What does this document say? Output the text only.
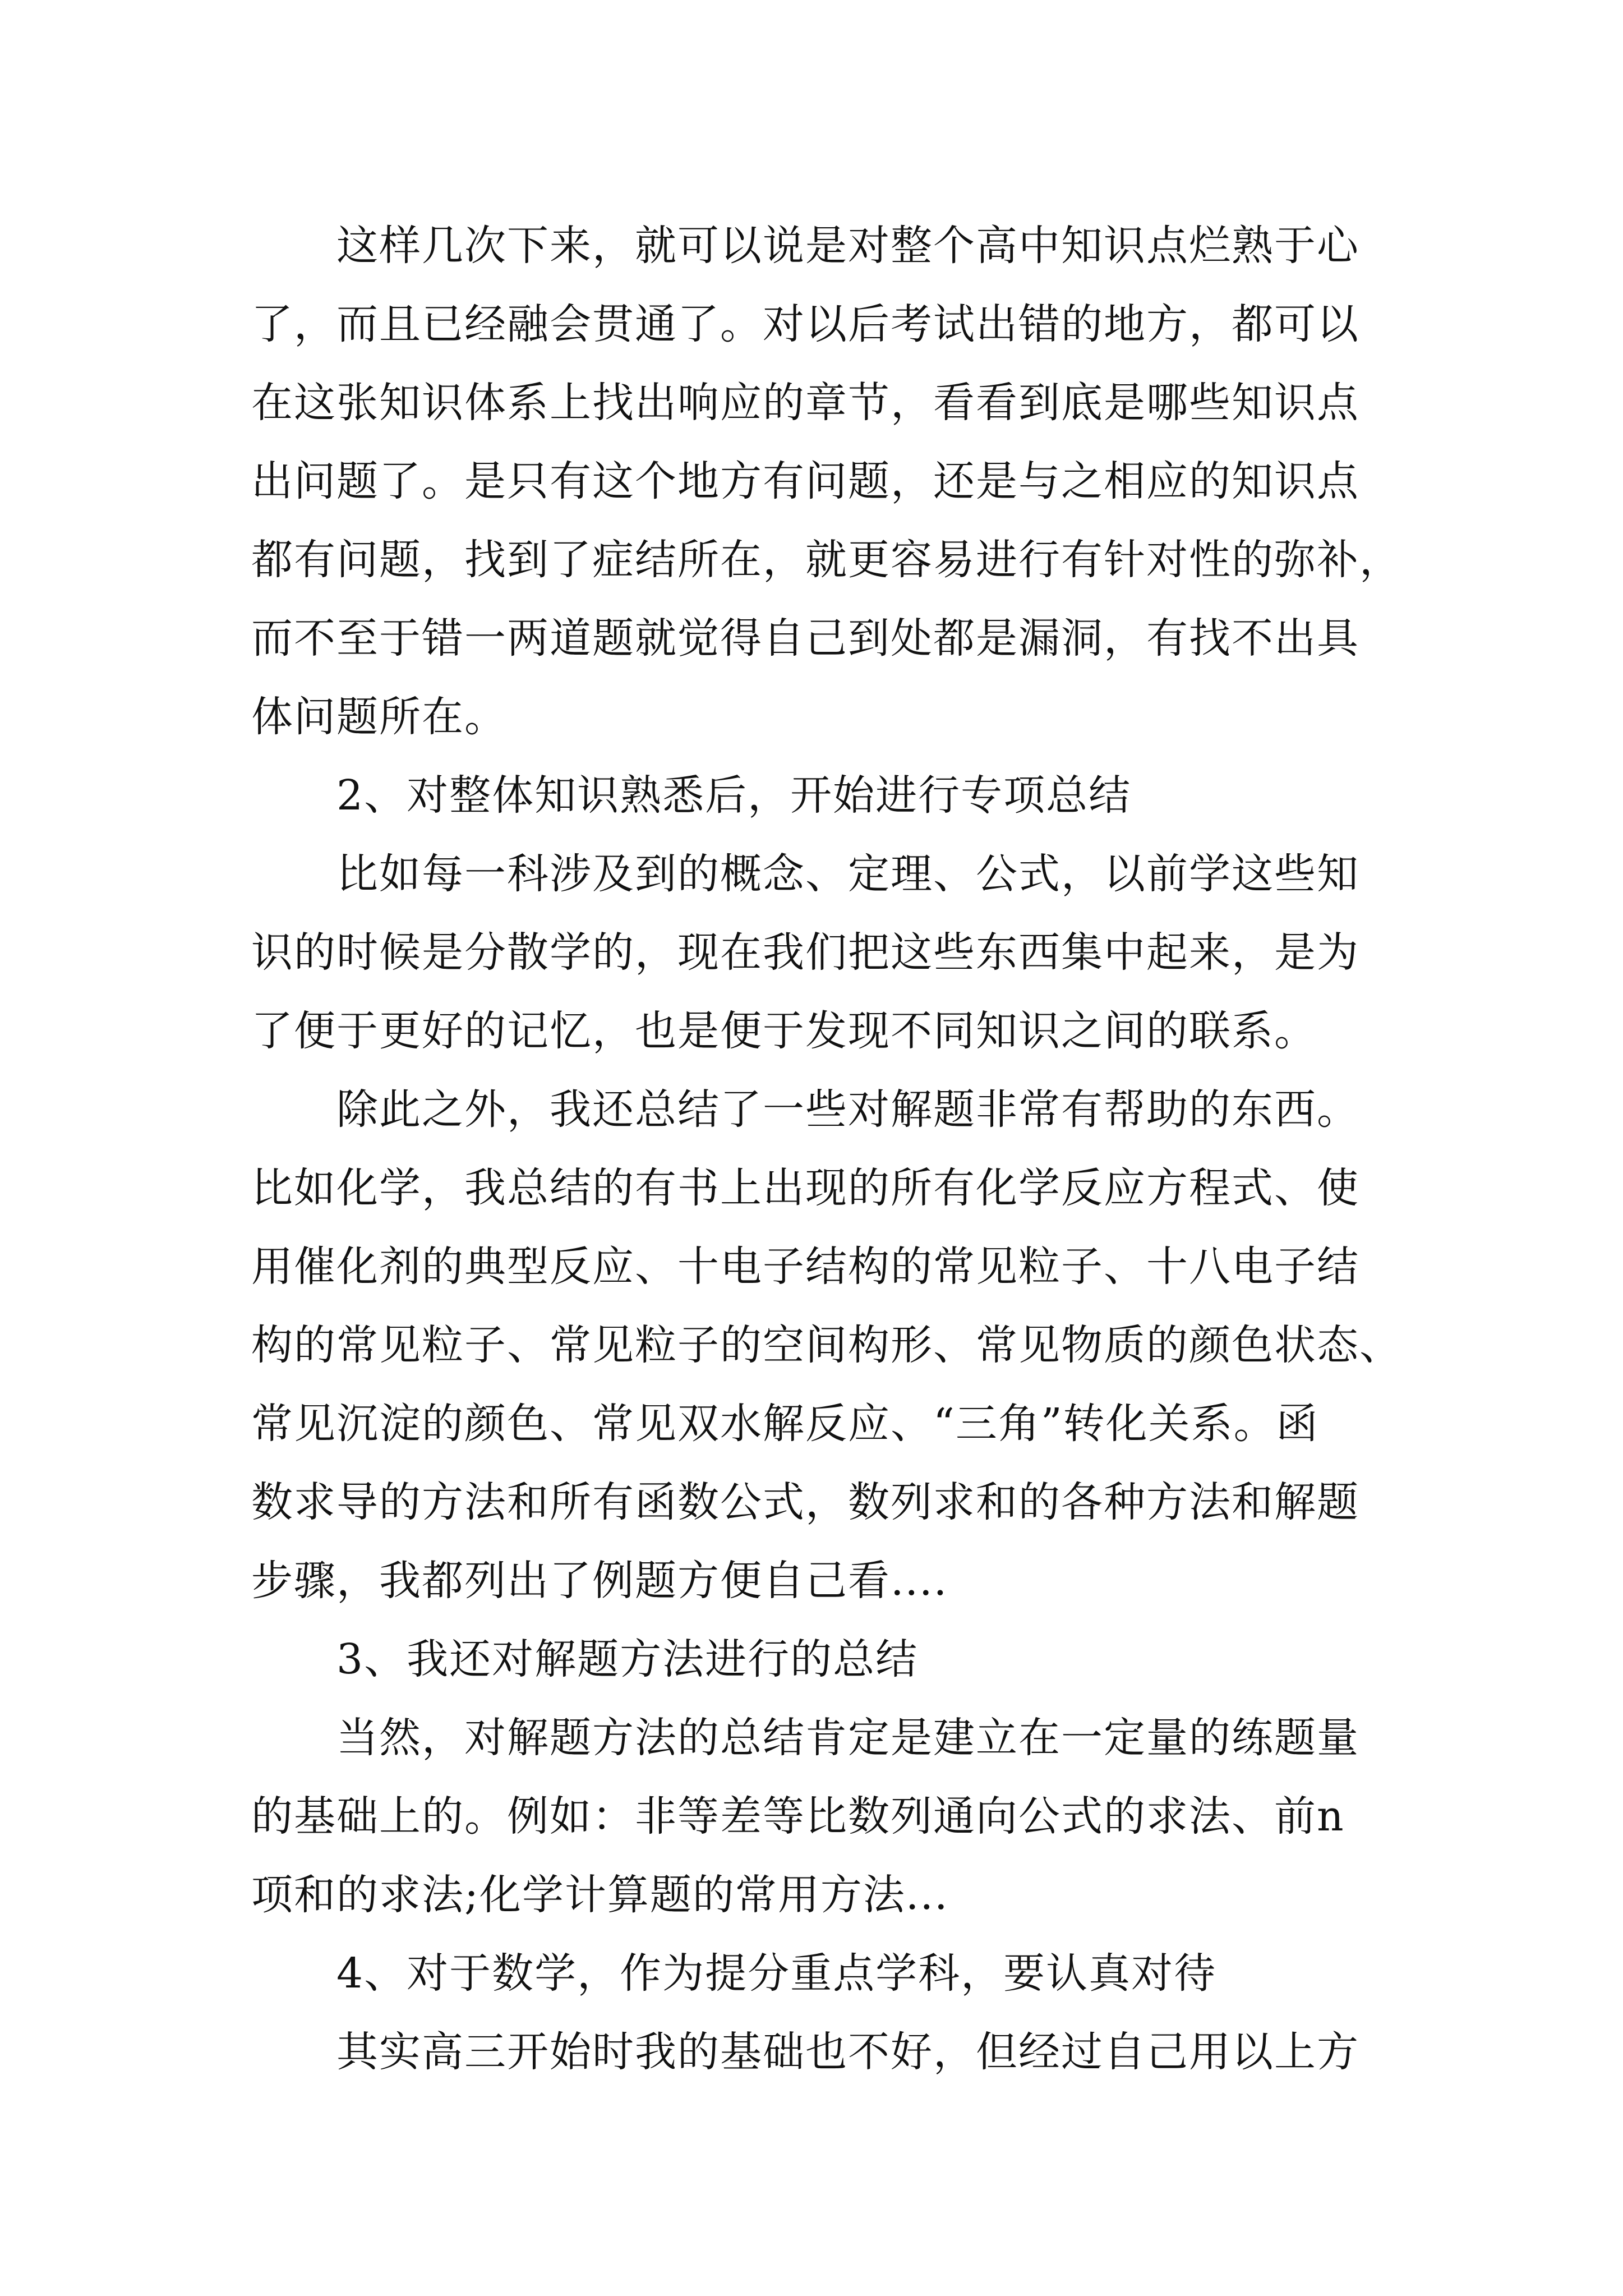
这样几次下来，就可以说是对整个高中知识点烂熟于心
了，而且已经融会贯通了。对以后考试出错的地方，都可以
在这张知识体系上找出响应的章节，看看到底是哪些知识点
出问题了。是只有这个地方有问题，还是与之相应的知识点
都有问题，找到了症结所在，就更容易进行有针对性的弥补，
而不至于错一两道题就觉得自己到处都是漏洞，有找不出具
体问题所在。
2、对整体知识熟悉后，开始进行专项总结
比如每一科涉及到的概念、定理、公式，以前学这些知
识的时候是分散学的，现在我们把这些东西集中起来，是为
了便于更好的记忆，也是便于发现不同知识之间的联系。
除此之外，我还总结了一些对解题非常有帮助的东西。
比如化学，我总结的有书上出现的所有化学反应方程式、使
用催化剂的典型反应、十电子结构的常见粒子、十八电子结
构的常见粒子、常见粒子的空间构形、常见物质的颜色状态、
常见沉淀的颜色、常见双水解反应、“三角”转化关系。函
数求导的方法和所有函数公式，数列求和的各种方法和解题
步骤，我都列出了例题方便自己看....
3、我还对解题方法进行的总结
当然，对解题方法的总结肯定是建立在一定量的练题量
的基础上的。例如：非等差等比数列通向公式的求法、前n
项和的求法;化学计算题的常用方法...
4、对于数学，作为提分重点学科，要认真对待
其实高三开始时我的基础也不好，但经过自己用以上方
